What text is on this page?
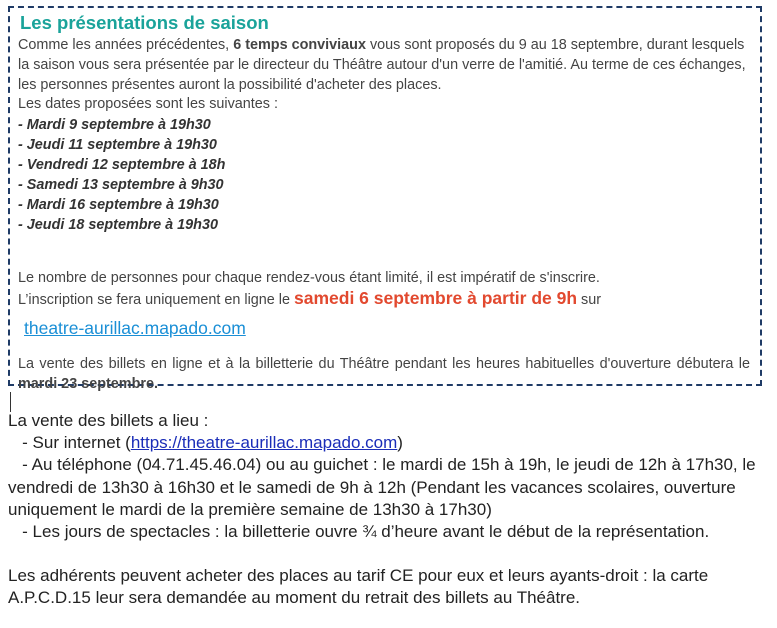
Les présentations de saison

Comme les années précédentes, 6 temps conviviaux vous sont proposés du 9 au 18 septembre, durant lesquels la saison vous sera présentée par le directeur du Théâtre autour d'un verre de l'amitié. Au terme de ces échanges, les personnes présentes auront la possibilité d'acheter des places.

Les dates proposées sont les suivantes :

- Mardi 9 septembre à 19h30
- Jeudi 11 septembre à 19h30
- Vendredi 12 septembre à 18h
- Samedi 13 septembre à 9h30
- Mardi 16 septembre à 19h30
- Jeudi 18 septembre à 19h30

Le nombre de personnes pour chaque rendez-vous étant limité, il est impératif de s'inscrire.

L’inscription se fera uniquement en ligne le samedi 6 septembre à partir de 9h sur

theatre-aurillac.mapado.com

La vente des billets en ligne et à la billetterie du Théâtre pendant les heures habituelles d'ouverture débutera le mardi 23 septembre.

La vente des billets a lieu :

- Sur internet (https://theatre-aurillac.mapado.com)

- Au téléphone (04.71.45.46.04) ou au guichet : le mardi de 15h à 19h, le jeudi de 12h à 17h30, le vendredi de 13h30 à 16h30 et le samedi de 9h à 12h (Pendant les vacances scolaires, ouverture uniquement le mardi de la première semaine de 13h30 à 17h30)

- Les jours de spectacles : la billetterie ouvre ¾ d’heure avant le début de la représentation.

Les adhérents peuvent acheter des places au tarif CE pour eux et leurs ayants-droit : la carte A.P.C.D.15 leur sera demandée au moment du retrait des billets au Théâtre.
